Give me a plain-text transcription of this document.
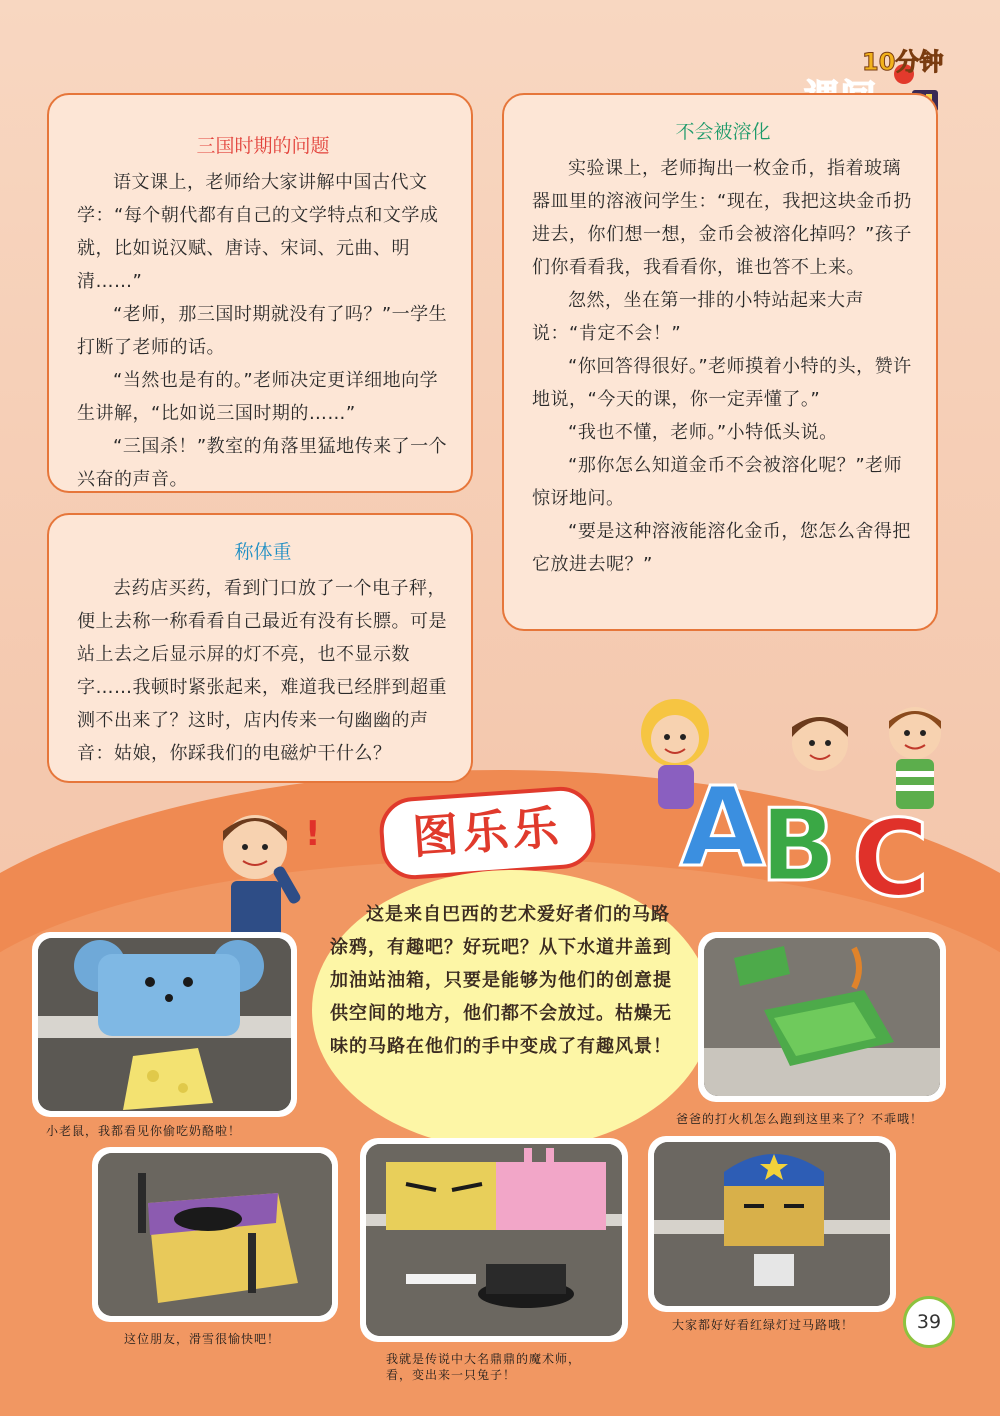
10分钟
三国时期的问题

语文课上，老师给大家讲解中国古代文学：“每个朝代都有自己的文学特点和文学成就，比如说汉赋、唐诗、宋词、元曲、明清……”

“老师，那三国时期就没有了吗？”一学生打断了老师的话。

“当然也是有的。”老师决定更详细地向学生讲解，“比如说三国时期的……”

“三国杀！”教室的角落里猛地传来了一个兴奋的声音。

不会被溶化

实验课上，老师掏出一枚金币，指着玻璃器皿里的溶液问学生：“现在，我把这块金币扔进去，你们想一想，金币会被溶化掉吗？”孩子们你看看我，我看看你，谁也答不上来。

忽然，坐在第一排的小特站起来大声说：“肯定不会！”

“你回答得很好。”老师摸着小特的头，赞许地说，“今天的课，你一定弄懂了。”

“我也不懂，老师。”小特低头说。

“那你怎么知道金币不会被溶化呢？”老师惊讶地问。

“要是这种溶液能溶化金币，您怎么舍得把它放进去呢？”

称体重

去药店买药，看到门口放了一个电子秤，便上去称一称看看自己最近有没有长膘。可是站上去之后显示屏的灯不亮，也不显示数字……我顿时紧张起来，难道我已经胖到超重测不出来了？这时，店内传来一句幽幽的声音：姑娘，你踩我们的电磁炉干什么？

A
B C
!	图乐乐
这是来自巴西的艺术爱好者们的马路涂鸦，有趣吧？好玩吧？从下水道井盖到加油站油箱，只要是能够为他们的创意提供空间的地方，他们都不会放过。枯燥无味的马路在他们的手中变成了有趣风景！
小老鼠，我都看见你偷吃奶酪啦！
爸爸的打火机怎么跑到这里来了？不乖哦！
这位朋友，滑雪很愉快吧！
我就是传说中大名鼎鼎的魔术师，
看，变出来一只兔子！
大家都好好看红绿灯过马路哦！	39
